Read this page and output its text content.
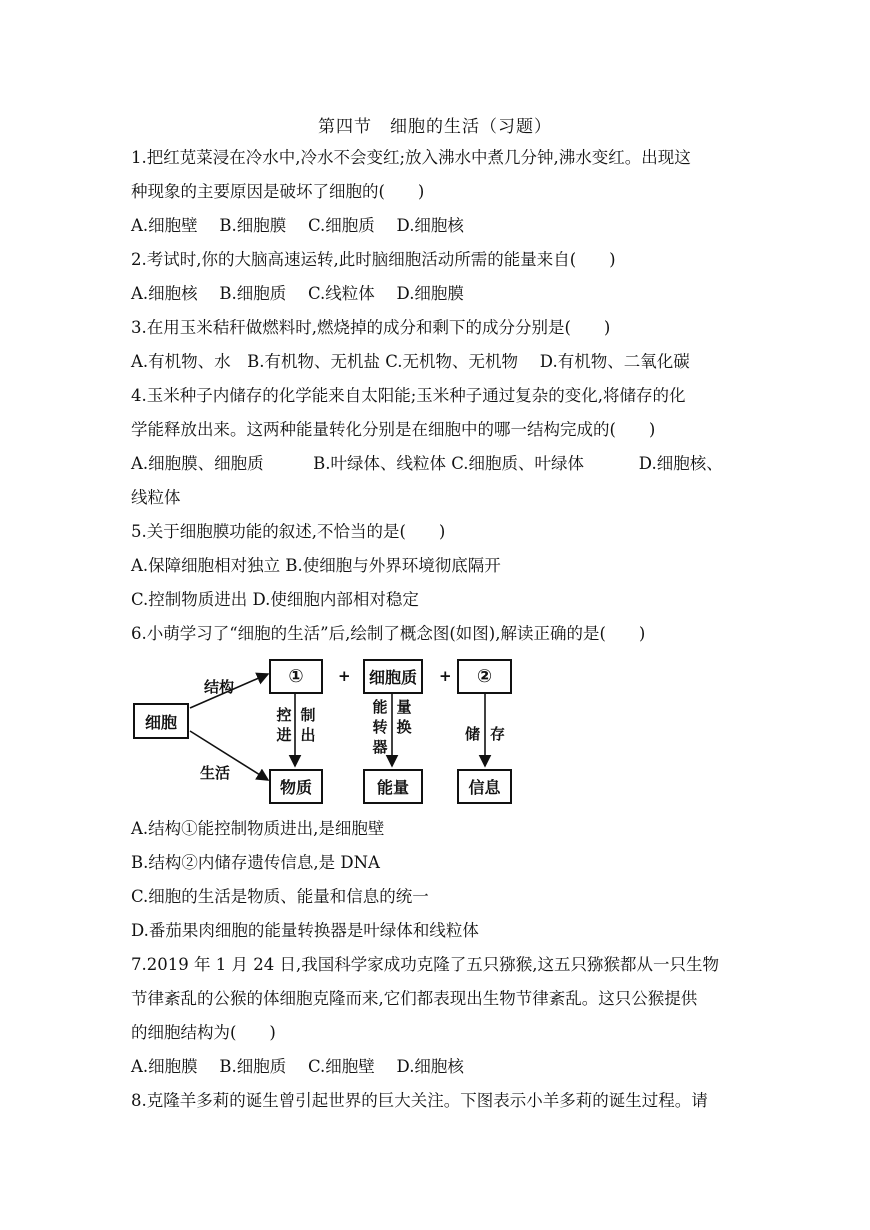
第四节　细胞的生活（习题）
1.把红苋菜浸在冷水中,冷水不会变红;放入沸水中煮几分钟,沸水变红。出现这
种现象的主要原因是破坏了细胞的(　　)
A.细胞壁　 B.细胞膜　 C.细胞质　 D.细胞核
2.考试时,你的大脑高速运转,此时脑细胞活动所需的能量来自(　　)
A.细胞核　 B.细胞质　 C.线粒体　 D.细胞膜
3.在用玉米秸秆做燃料时,燃烧掉的成分和剩下的成分分别是(　　)
A.有机物、水　B.有机物、无机盐 C.无机物、无机物　 D.有机物、二氧化碳
4.玉米种子内储存的化学能来自太阳能;玉米种子通过复杂的变化,将储存的化
学能释放出来。这两种能量转化分别是在细胞中的哪一结构完成的(　　)
A.细胞膜、细胞质　　　B.叶绿体、线粒体 C.细胞质、叶绿体　　　 D.细胞核、
线粒体
5.关于细胞膜功能的叙述,不恰当的是(　　)
A.保障细胞相对独立 B.使细胞与外界环境彻底隔开
C.控制物质进出 D.使细胞内部相对稳定
6.小萌学习了“细胞的生活”后,绘制了概念图(如图),解读正确的是(　　)
细胞
结构
生活
①	+	细胞质	+	②
控进
制出
能转器
量换	储 存
物质	能量	信息
A.结构①能控制物质进出,是细胞壁
B.结构②内储存遗传信息,是 DNA
C.细胞的生活是物质、能量和信息的统一
D.番茄果肉细胞的能量转换器是叶绿体和线粒体
7.2019 年 1 月 24 日,我国科学家成功克隆了五只猕猴,这五只猕猴都从一只生物
节律紊乱的公猴的体细胞克隆而来,它们都表现出生物节律紊乱。这只公猴提供
的细胞结构为(　　)
A.细胞膜　 B.细胞质　 C.细胞壁　 D.细胞核
8.克隆羊多莉的诞生曾引起世界的巨大关注。下图表示小羊多莉的诞生过程。请
